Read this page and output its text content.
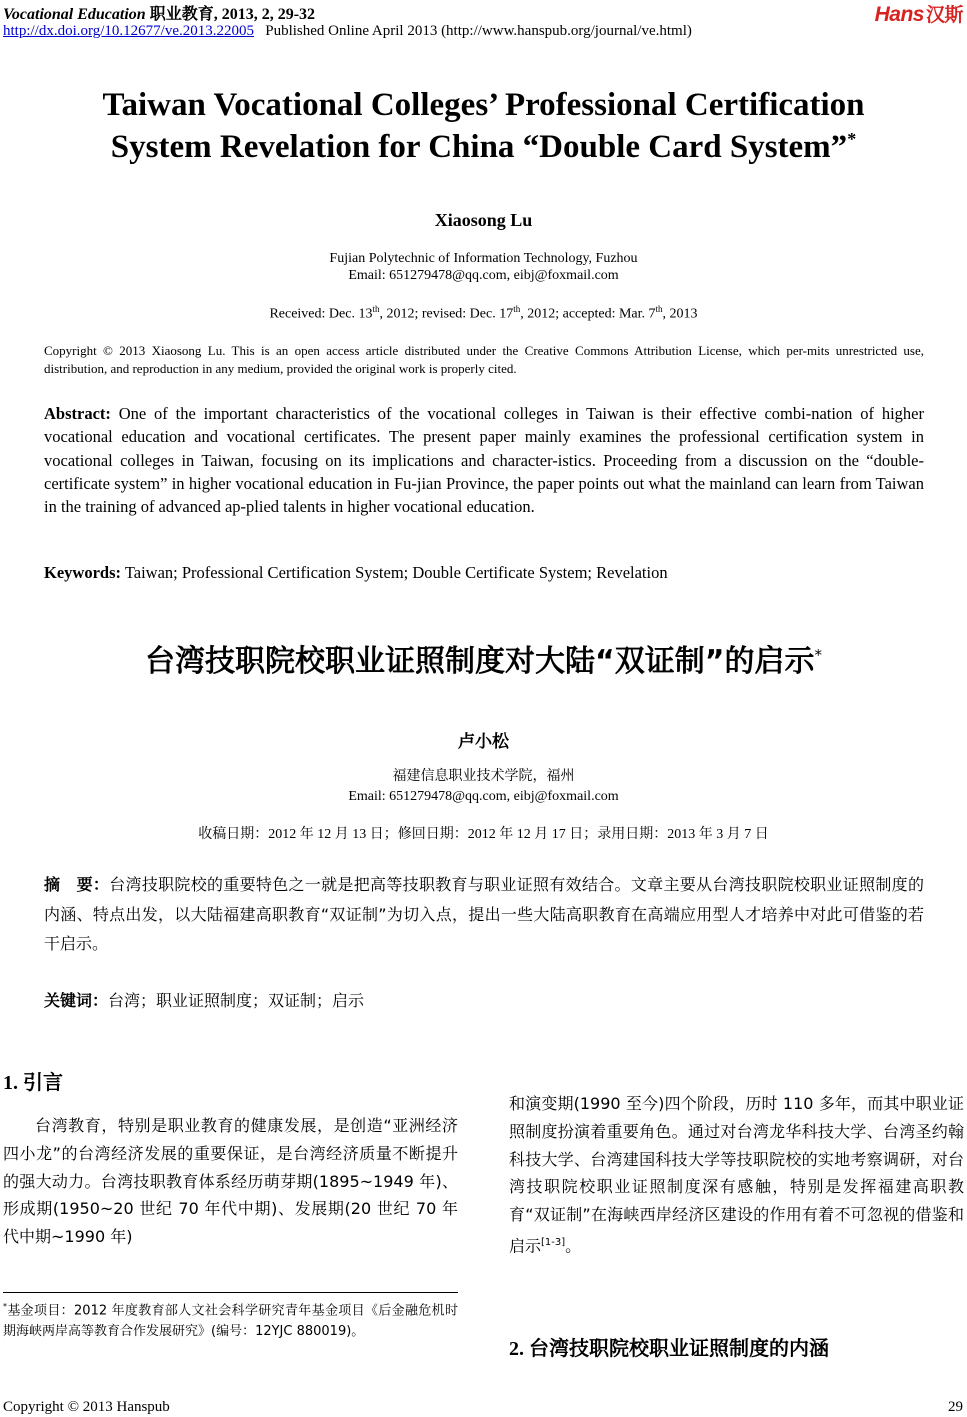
Vocational Education 职业教育, 2013, 2, 29-32
http://dx.doi.org/10.12677/ve.2013.22005 Published Online April 2013 (http://www.hanspub.org/journal/ve.html)
Hans 汉斯
Taiwan Vocational Colleges’ Professional Certification
System Revelation for China “Double Card System”*
Xiaosong Lu
Fujian Polytechnic of Information Technology, Fuzhou
Email: 651279478@qq.com, eibj@foxmail.com
Received: Dec. 13th, 2012; revised: Dec. 17th, 2012; accepted: Mar. 7th, 2013
Copyright © 2013 Xiaosong Lu. This is an open access article distributed under the Creative Commons Attribution License, which per-mits unrestricted use, distribution, and reproduction in any medium, provided the original work is properly cited.
Abstract: One of the important characteristics of the vocational colleges in Taiwan is their effective combi-nation of higher vocational education and vocational certificates. The present paper mainly examines the professional certification system in vocational colleges in Taiwan, focusing on its implications and character-istics. Proceeding from a discussion on the “double-certificate system” in higher vocational education in Fu-jian Province, the paper points out what the mainland can learn from Taiwan in the training of advanced ap-plied talents in higher vocational education.
Keywords: Taiwan; Professional Certification System; Double Certificate System; Revelation
台湾技职院校职业证照制度对大陆“双证制”的启示*
卢小松
福建信息职业技术学院，福州
Email: 651279478@qq.com, eibj@foxmail.com
收稿日期：2012 年 12 月 13 日；修回日期：2012 年 12 月 17 日；录用日期：2013 年 3 月 7 日
摘　要：台湾技职院校的重要特色之一就是把高等技职教育与职业证照有效结合。文章主要从台湾技职院校职业证照制度的内涵、特点出发，以大陆福建高职教育“双证制”为切入点，提出一些大陆高职教育在高端应用型人才培养中对此可借鉴的若干启示。
关键词：台湾；职业证照制度；双证制；启示
1. 引言
台湾教育，特别是职业教育的健康发展，是创造“亚洲经济四小龙”的台湾经济发展的重要保证，是台湾经济质量不断提升的强大动力。台湾技职教育体系经历萌芽期(1895~1949 年)、形成期(1950~20 世纪 70 年代中期)、发展期(20 世纪 70 年代中期~1990 年)
*基金项目：2012 年度教育部人文社会科学研究青年基金项目《后金融危机时期海峡两岸高等教育合作发展研究》(编号：12YJC 880019)。
和演变期(1990 至今)四个阶段，历时 110 多年，而其中职业证照制度扮演着重要角色。通过对台湾龙华科技大学、台湾圣约翰科技大学、台湾建国科技大学等技职院校的实地考察调研，对台湾技职院校职业证照制度深有感触，特别是发挥福建高职教育“双证制”在海峡西岸经济区建设的作用有着不可忽视的借鉴和启示[1-3]。
2. 台湾技职院校职业证照制度的内涵
Copyright © 2013 Hanspub	29
